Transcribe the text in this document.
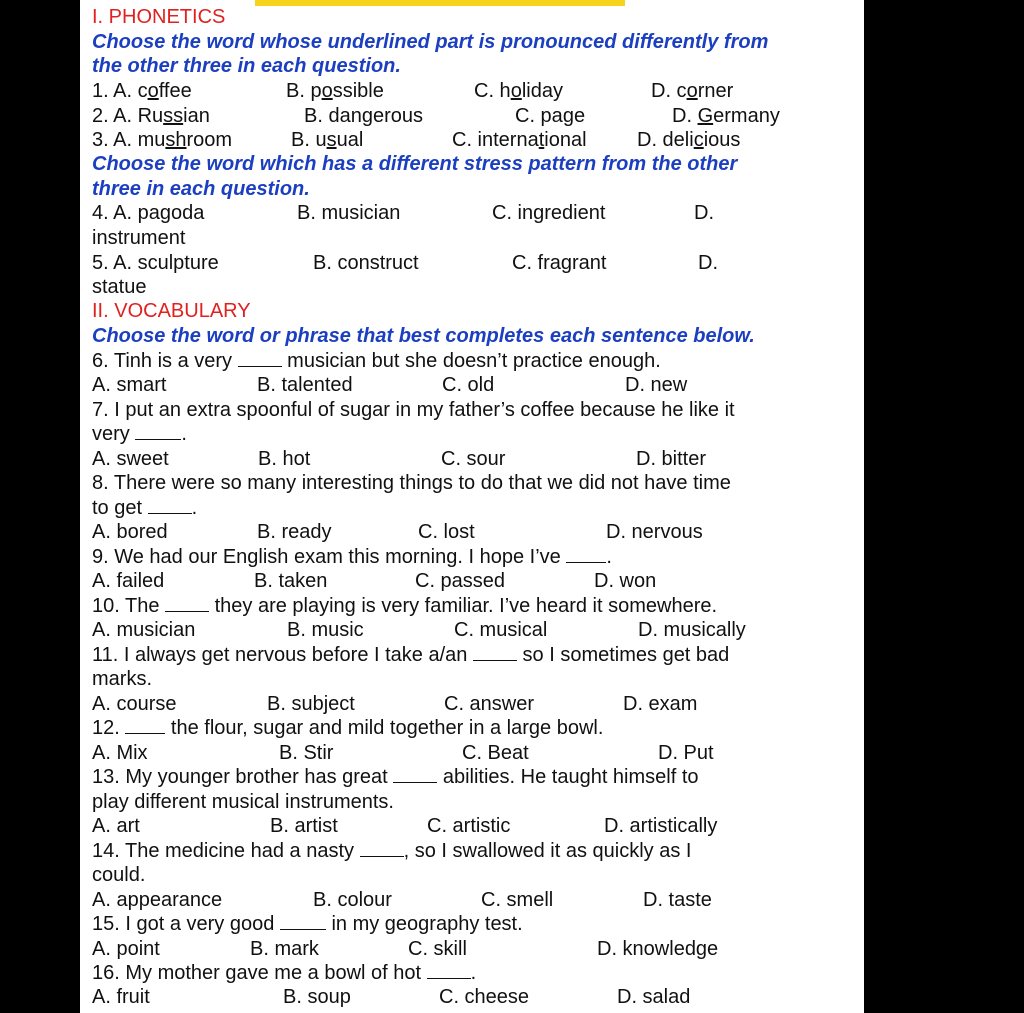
I. PHONETICS
Choose the word whose underlined part is pronounced differently from
the other three in each question.
1. A. coffee	B. possible	C. holiday	D. corner
2. A. Russian	B. dangerous	C. page	D. Germany
3. A. mushroom	B. usual	C. international	D. delicious
Choose the word which has a different stress pattern from the other
three in each question.
4. A. pagoda	B. musician	C. ingredient	D.
instrument
5. A. sculpture	B. construct	C. fragrant	D.
statue
II. VOCABULARY
Choose the word or phrase that best completes each sentence below.
6. Tinh is a very  musician but she doesn’t practice enough.
A. smart	B. talented	C. old	D. new
7. I put an extra spoonful of sugar in my father’s coffee because he like it
very .
A. sweet	B. hot	C. sour	D. bitter
8. There were so many interesting things to do that we did not have time
to get .
A. bored	B. ready	C. lost	D. nervous
9. We had our English exam this morning. I hope I’ve .
A. failed	B. taken	C. passed	D. won
10. The  they are playing is very familiar. I’ve heard it somewhere.
A. musician	B. music	C. musical	D. musically
11. I always get nervous before I take a/an  so I sometimes get bad
marks.
A. course	B. subject	C. answer	D. exam
12.  the flour, sugar and mild together in a large bowl.
A. Mix	B. Stir	C. Beat	D. Put
13. My younger brother has great  abilities. He taught himself to
play different musical instruments.
A. art	B. artist	C. artistic	D. artistically
14. The medicine had a nasty , so I swallowed it as quickly as I
could.
A. appearance	B. colour	C. smell	D. taste
15. I got a very good  in my geography test.
A. point	B. mark	C. skill	D. knowledge
16. My mother gave me a bowl of hot .
A. fruit	B. soup	C. cheese	D. salad
